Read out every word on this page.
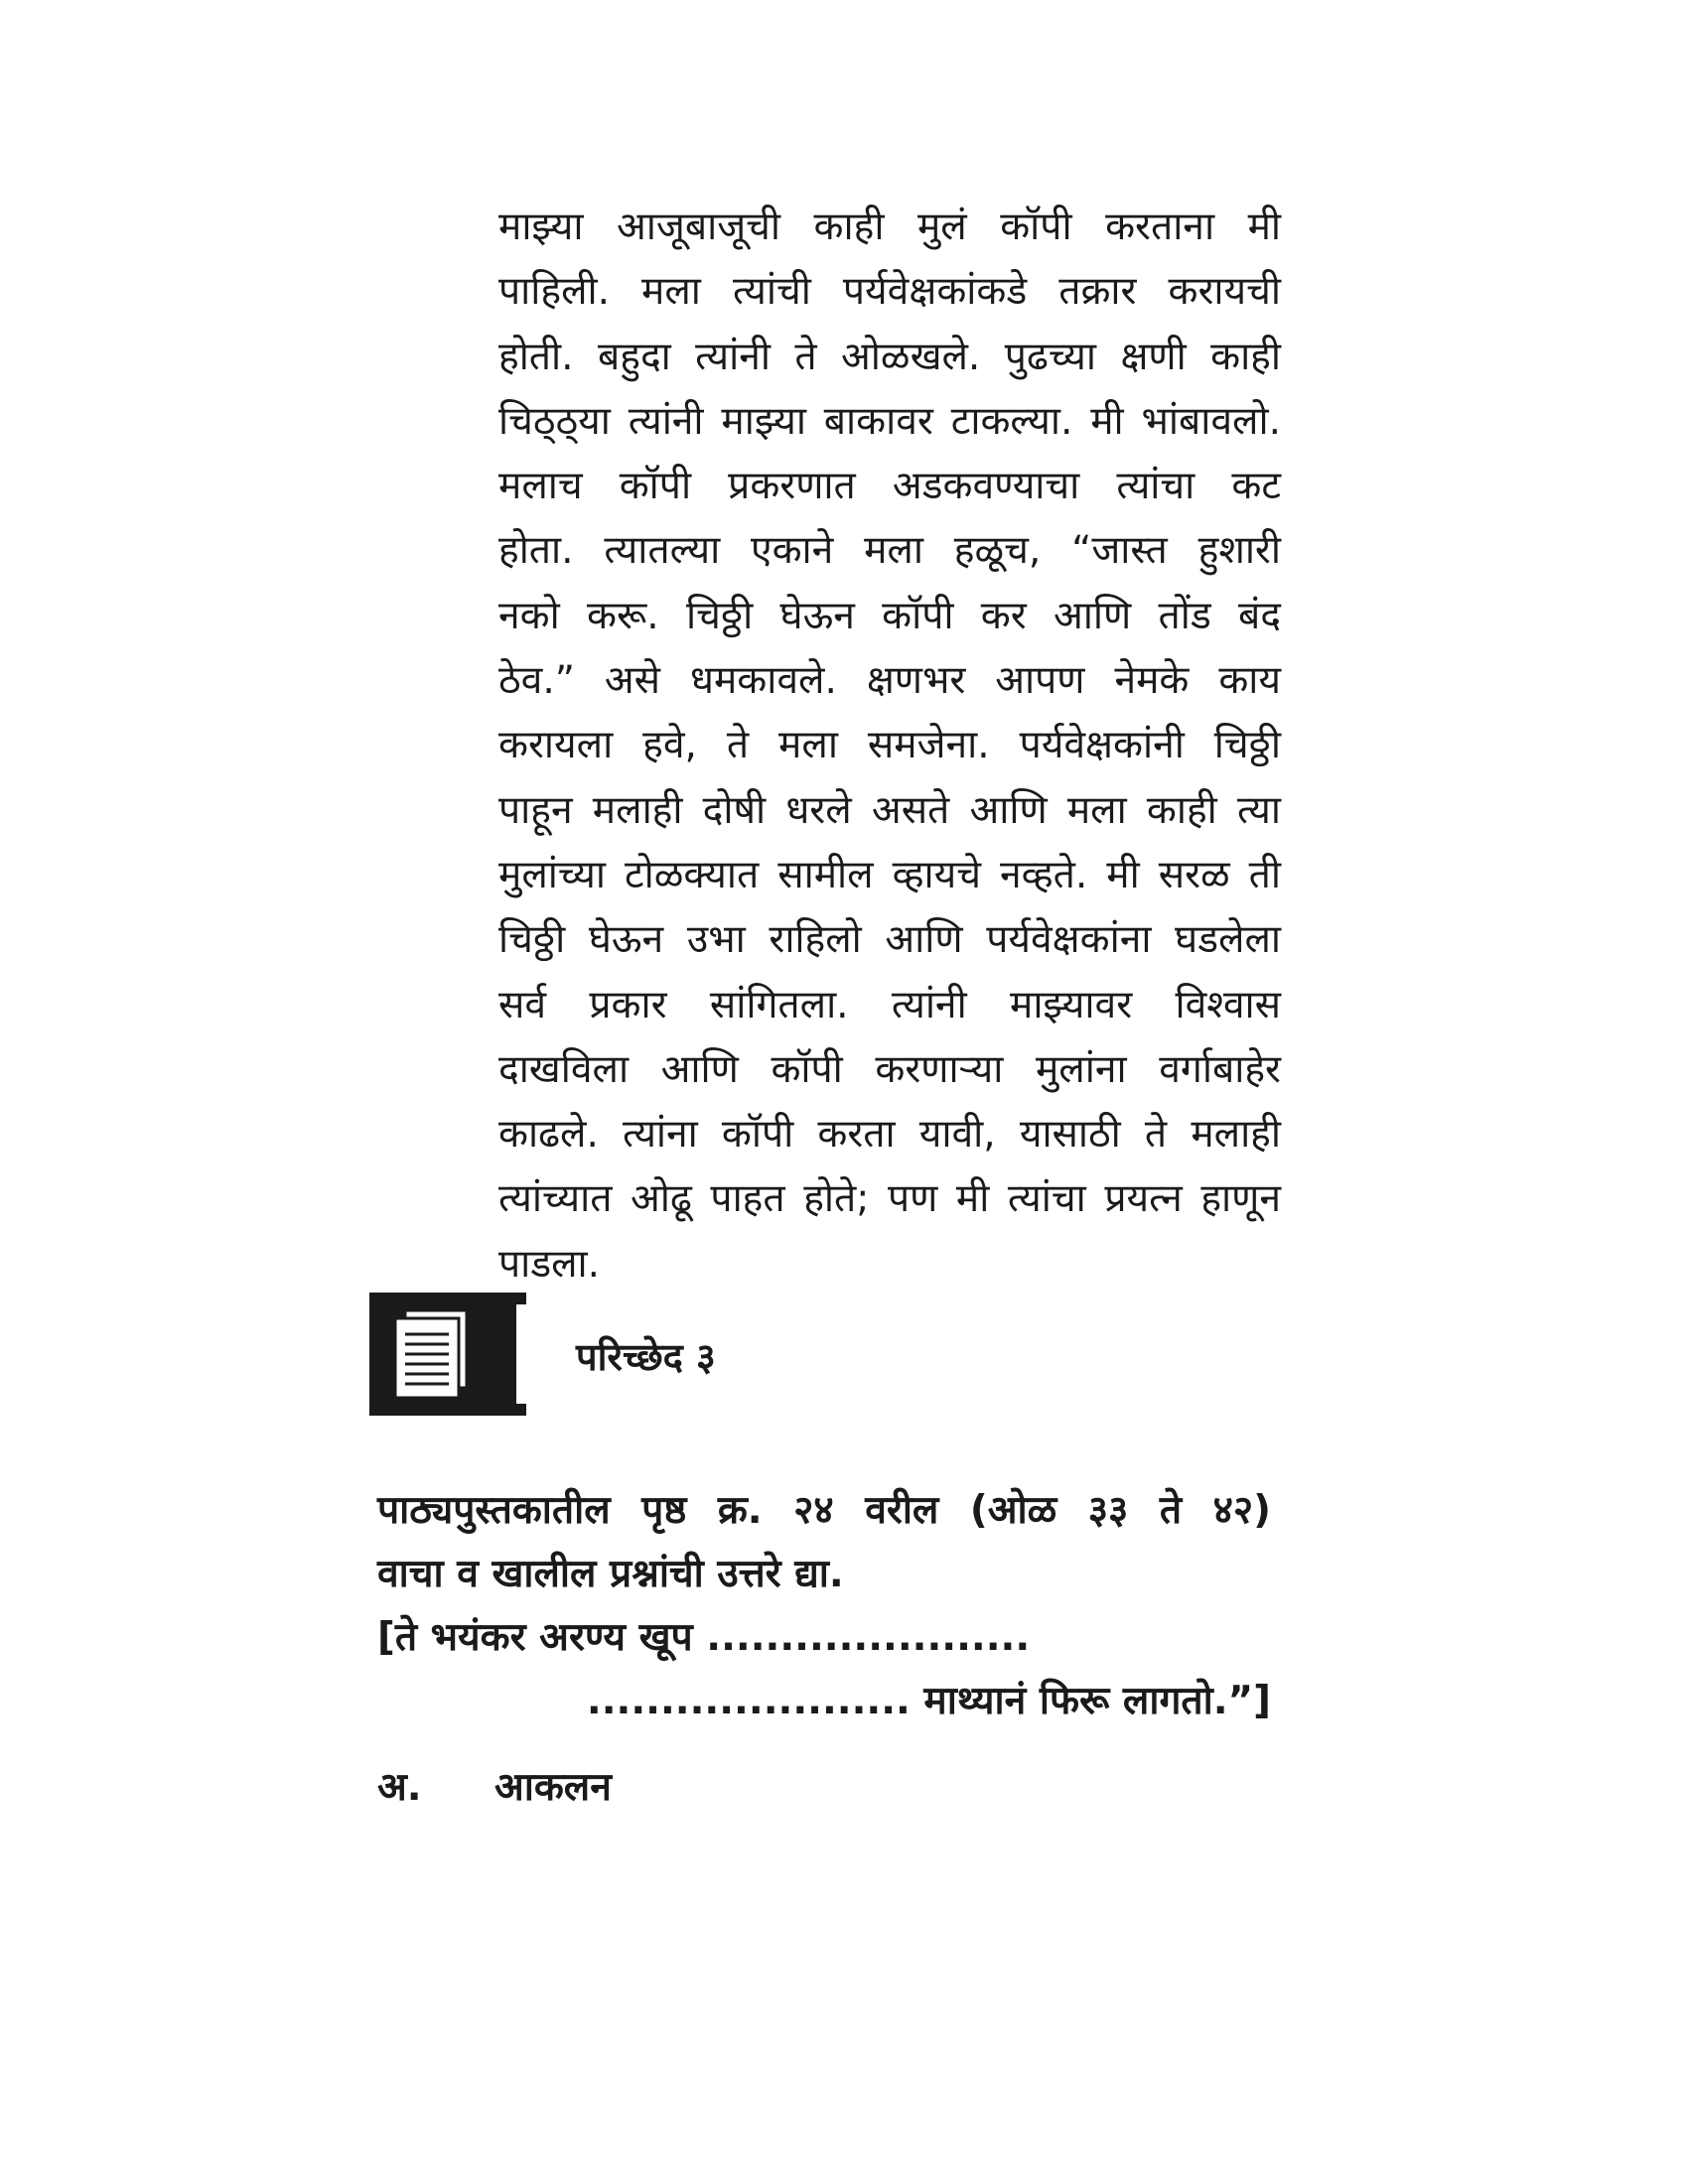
माझ्या आजूबाजूची काही मुलं कॉपी करताना मी
पाहिली. मला त्यांची पर्यवेक्षकांकडे तक्रार करायची
होती. बहुदा त्यांनी ते ओळखले. पुढच्या क्षणी काही
चिठ्ठ्या त्यांनी माझ्या बाकावर टाकल्या. मी भांबावलो.
मलाच कॉपी प्रकरणात अडकवण्याचा त्यांचा कट
होता. त्यातल्या एकाने मला हळूच, “जास्त हुशारी
नको करू. चिठ्ठी घेऊन कॉपी कर आणि तोंड बंद
ठेव.” असे धमकावले. क्षणभर आपण नेमके काय
करायला हवे, ते मला समजेना. पर्यवेक्षकांनी चिठ्ठी
पाहून मलाही दोषी धरले असते आणि मला काही त्या
मुलांच्या टोळक्यात सामील व्हायचे नव्हते. मी सरळ ती
चिठ्ठी घेऊन उभा राहिलो आणि पर्यवेक्षकांना घडलेला
सर्व प्रकार सांगितला. त्यांनी माझ्यावर विश्वास
दाखविला आणि कॉपी करणाऱ्या मुलांना वर्गाबाहेर
काढले. त्यांना कॉपी करता यावी, यासाठी ते मलाही
त्यांच्यात ओढू पाहत होते; पण मी त्यांचा प्रयत्न हाणून
पाडला.
परिच्छेद ३
पाठ्यपुस्तकातील पृष्ठ क्र. २४ वरील (ओळ ३३ ते ४२)
वाचा व खालील प्रश्नांची उत्तरे द्या.
[ते भयंकर अरण्य खूप ......................
...................... माथ्यानं फिरू लागतो.”]
अ. आकलन
